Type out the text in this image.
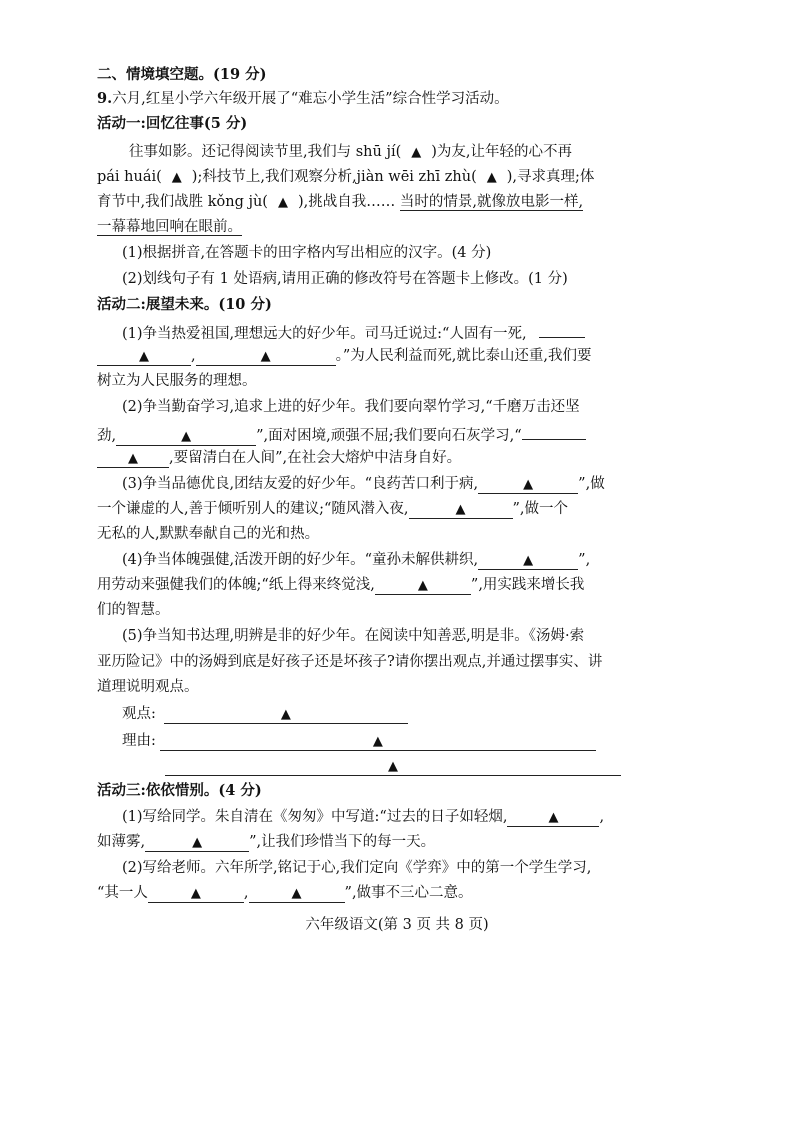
二、情境填空题。(19 分)
9.六月,红星小学六年级开展了“难忘小学生活”综合性学习活动。
活动一:回忆往事(5 分)
往事如影。还记得阅读节里,我们与 shū jí( ▲ )为友,让年轻的心不再
pái huái( ▲ );科技节上,我们观察分析,jiàn wēi zhī zhù( ▲ ),寻求真理;体
育节中,我们战胜 kǒng jù( ▲ ),挑战自我…… 当时的情景,就像放电影一样,
一幕幕地回响在眼前。
(1)根据拼音,在答题卡的田字格内写出相应的汉字。(4 分)
(2)划线句子有 1 处语病,请用正确的修改符号在答题卡上修改。(1 分)
活动二:展望未来。(10 分)
(1)争当热爱祖国,理想远大的好少年。司马迁说过:“人固有一死,
▲	,	▲	。”为人民利益而死,就比泰山还重,我们要
树立为人民服务的理想。
(2)争当勤奋学习,追求上进的好少年。我们要向翠竹学习,“千磨万击还坚
劲,	▲	”,面对困境,顽强不屈;我们要向石灰学习,“
▲ ,要留清白在人间”,在社会大熔炉中洁身自好。
(3)争当品德优良,团结友爱的好少年。“良药苦口利于病,	▲	”,做
一个谦虚的人,善于倾听别人的建议;“随风潜入夜,	▲	”,做一个
无私的人,默默奉献自己的光和热。
(4)争当体魄强健,活泼开朗的好少年。“童孙未解供耕织,	▲	”,
用劳动来强健我们的体魄;“纸上得来终觉浅,	▲	”,用实践来增长我
们的智慧。
(5)争当知书达理,明辨是非的好少年。在阅读中知善恶,明是非。《汤姆·索
亚历险记》中的汤姆到底是好孩子还是坏孩子?请你摆出观点,并通过摆事实、讲
道理说明观点。
观点:	▲
理由:	▲
▲
活动三:依依惜别。(4 分)
(1)写给同学。朱自清在《匆匆》中写道:“过去的日子如轻烟,	▲	,
如薄雾,	▲	”,让我们珍惜当下的每一天。
(2)写给老师。六年所学,铭记于心,我们定向《学弈》中的第一个学生学习,
“其一人	▲	,	▲	”,做事不三心二意。
六年级语文(第 3 页 共 8 页)
